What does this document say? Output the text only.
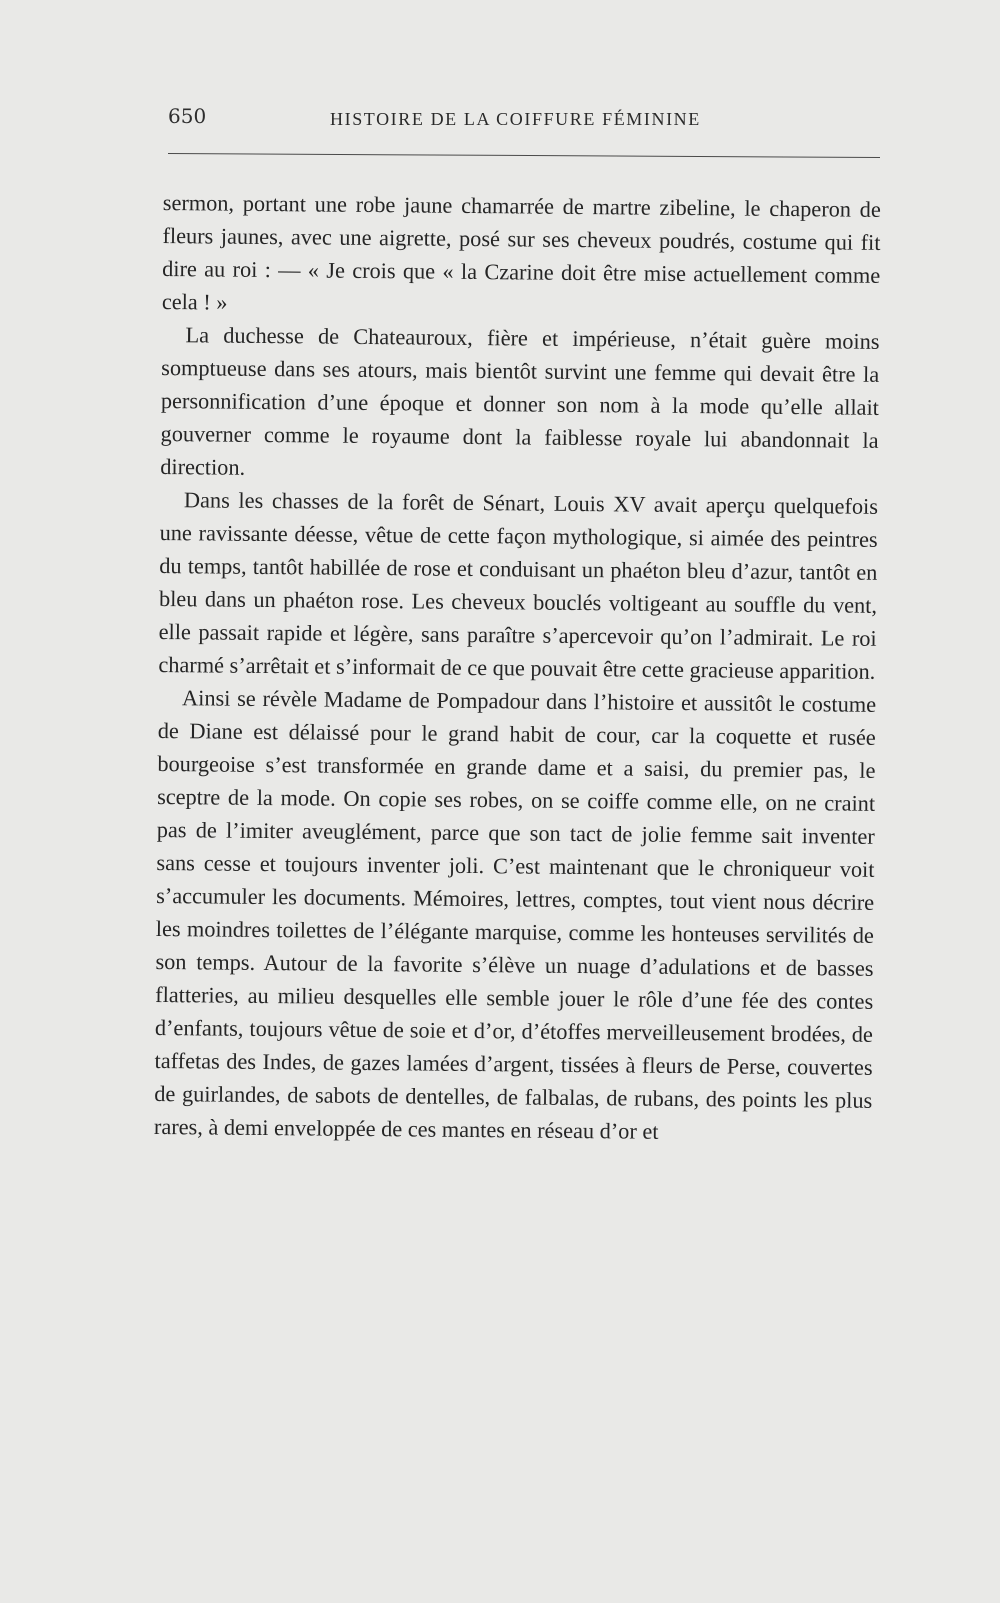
650	HISTOIRE DE LA COIFFURE FÉMININE

sermon, portant une robe jaune chamarrée de martre zibeline, le chaperon de fleurs jaunes, avec une aigrette, posé sur ses cheveux poudrés, costume qui fit dire au roi : — « Je crois que « la Czarine doit être mise actuellement comme cela ! »

La duchesse de Chateauroux, fière et impérieuse, n’était guère moins somptueuse dans ses atours, mais bientôt survint une femme qui devait être la personnification d’une époque et donner son nom à la mode qu’elle allait gouverner comme le royaume dont la faiblesse royale lui abandonnait la direction.

Dans les chasses de la forêt de Sénart, Louis XV avait aperçu quelquefois une ravissante déesse, vêtue de cette façon mythologique, si aimée des peintres du temps, tantôt habillée de rose et conduisant un phaéton bleu d’azur, tantôt en bleu dans un phaéton rose. Les cheveux bouclés voltigeant au souffle du vent, elle passait rapide et légère, sans paraître s’apercevoir qu’on l’admirait. Le roi charmé s’arrêtait et s’informait de ce que pouvait être cette gracieuse apparition.

Ainsi se révèle Madame de Pompadour dans l’histoire et aussitôt le costume de Diane est délaissé pour le grand habit de cour, car la coquette et rusée bourgeoise s’est transformée en grande dame et a saisi, du premier pas, le sceptre de la mode. On copie ses robes, on se coiffe comme elle, on ne craint pas de l’imiter aveuglément, parce que son tact de jolie femme sait inventer sans cesse et toujours inventer joli. C’est maintenant que le chroniqueur voit s’accumuler les documents. Mémoires, lettres, comptes, tout vient nous décrire les moindres toilettes de l’élégante marquise, comme les honteuses servilités de son temps. Autour de la favorite s’élève un nuage d’adulations et de basses flatteries, au milieu desquelles elle semble jouer le rôle d’une fée des contes d’enfants, toujours vêtue de soie et d’or, d’étoffes merveilleusement brodées, de taffetas des Indes, de gazes lamées d’argent, tissées à fleurs de Perse, couvertes de guirlandes, de sabots de dentelles, de falbalas, de rubans, des points les plus rares, à demi enveloppée de ces mantes en réseau d’or et
